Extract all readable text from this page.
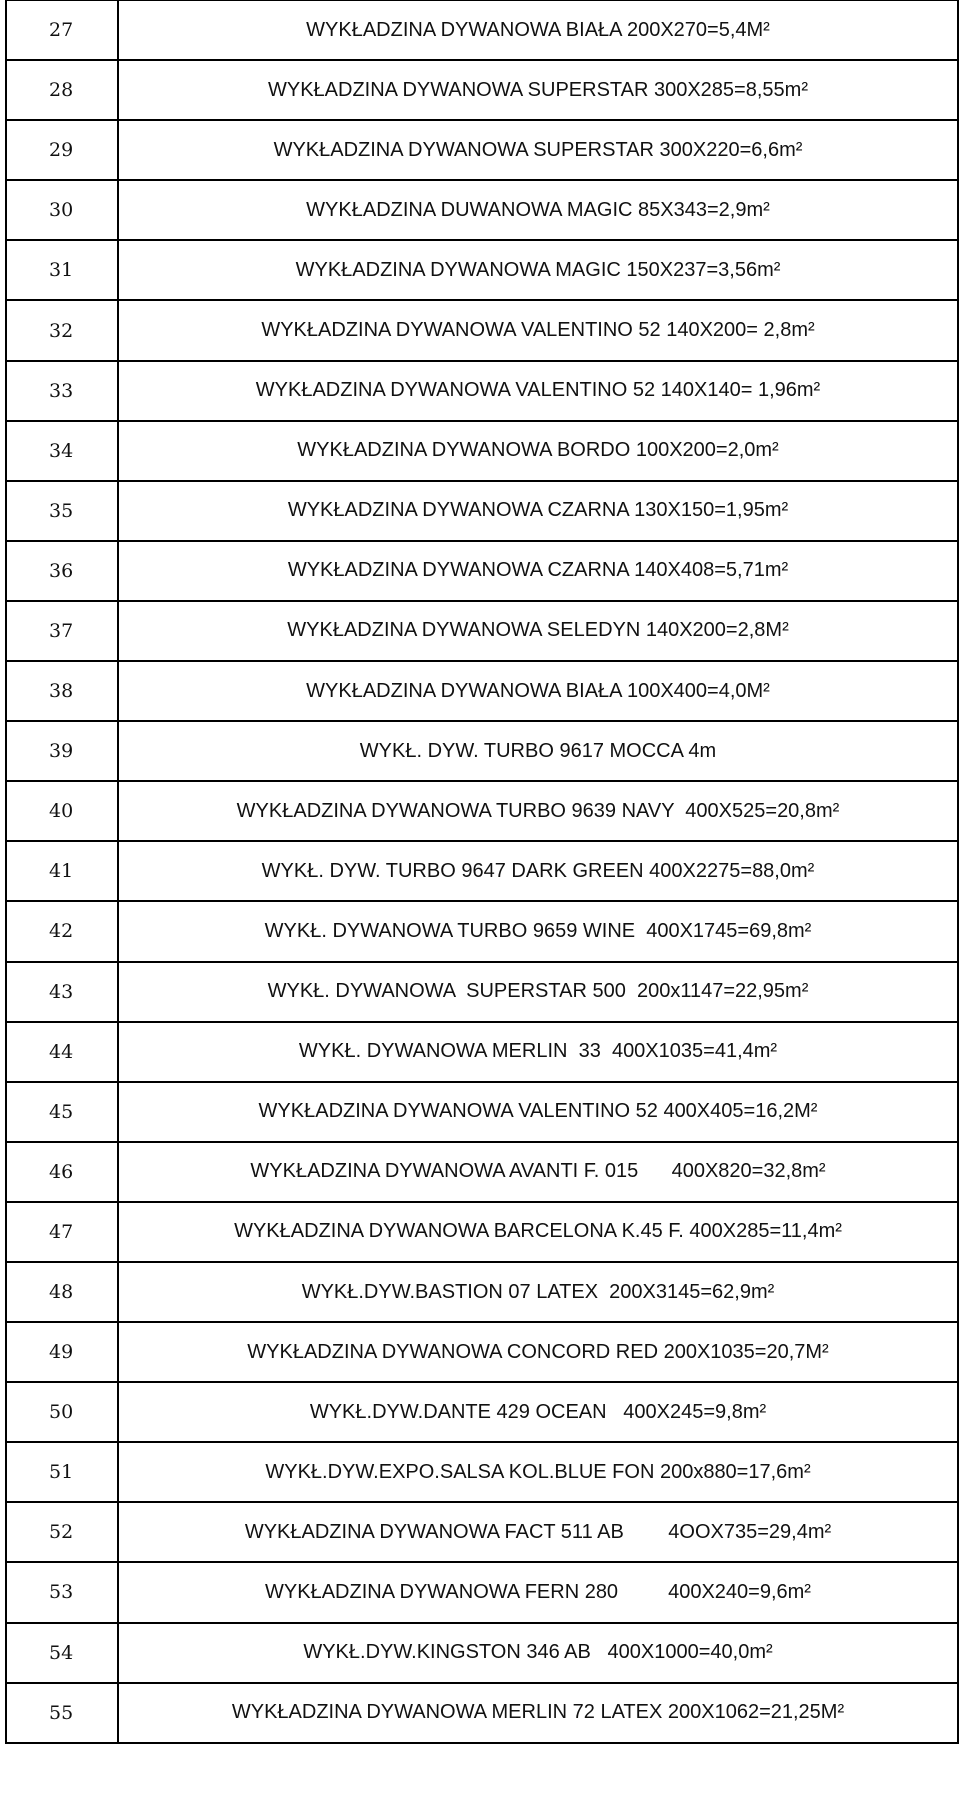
27	WYKŁADZINA DYWANOWA BIAŁA 200X270=5,4M²
28	WYKŁADZINA DYWANOWA SUPERSTAR 300X285=8,55m²
29	WYKŁADZINA DYWANOWA SUPERSTAR 300X220=6,6m²
30	WYKŁADZINA DUWANOWA MAGIC 85X343=2,9m²
31	WYKŁADZINA DYWANOWA MAGIC 150X237=3,56m²
32	WYKŁADZINA DYWANOWA VALENTINO 52 140X200= 2,8m²
33	WYKŁADZINA DYWANOWA VALENTINO 52 140X140= 1,96m²
34	WYKŁADZINA DYWANOWA BORDO 100X200=2,0m²
35	WYKŁADZINA DYWANOWA CZARNA 130X150=1,95m²
36	WYKŁADZINA DYWANOWA CZARNA 140X408=5,71m²
37	WYKŁADZINA DYWANOWA SELEDYN 140X200=2,8M²
38	WYKŁADZINA DYWANOWA BIAŁA 100X400=4,0M²
39	WYKŁ. DYW. TURBO 9617 MOCCA 4m
40	WYKŁADZINA DYWANOWA TURBO 9639 NAVY  400X525=20,8m²
41	WYKŁ. DYW. TURBO 9647 DARK GREEN 400X2275=88,0m²
42	WYKŁ. DYWANOWA TURBO 9659 WINE  400X1745=69,8m²
43	WYKŁ. DYWANOWA  SUPERSTAR 500  200x1147=22,95m²
44	WYKŁ. DYWANOWA MERLIN  33  400X1035=41,4m²
45	WYKŁADZINA DYWANOWA VALENTINO 52 400X405=16,2M²
46	WYKŁADZINA DYWANOWA AVANTI F. 015      400X820=32,8m²
47	WYKŁADZINA DYWANOWA BARCELONA K.45 F. 400X285=11,4m²
48	WYKŁ.DYW.BASTION 07 LATEX  200X3145=62,9m²
49	WYKŁADZINA DYWANOWA CONCORD RED 200X1035=20,7M²
50	WYKŁ.DYW.DANTE 429 OCEAN   400X245=9,8m²
51	WYKŁ.DYW.EXPO.SALSA KOL.BLUE FON 200x880=17,6m²
52	WYKŁADZINA DYWANOWA FACT 511 AB        4OOX735=29,4m²
53	WYKŁADZINA DYWANOWA FERN 280         400X240=9,6m²
54	WYKŁ.DYW.KINGSTON 346 AB   400X1000=40,0m²
55	WYKŁADZINA DYWANOWA MERLIN 72 LATEX 200X1062=21,25M²
